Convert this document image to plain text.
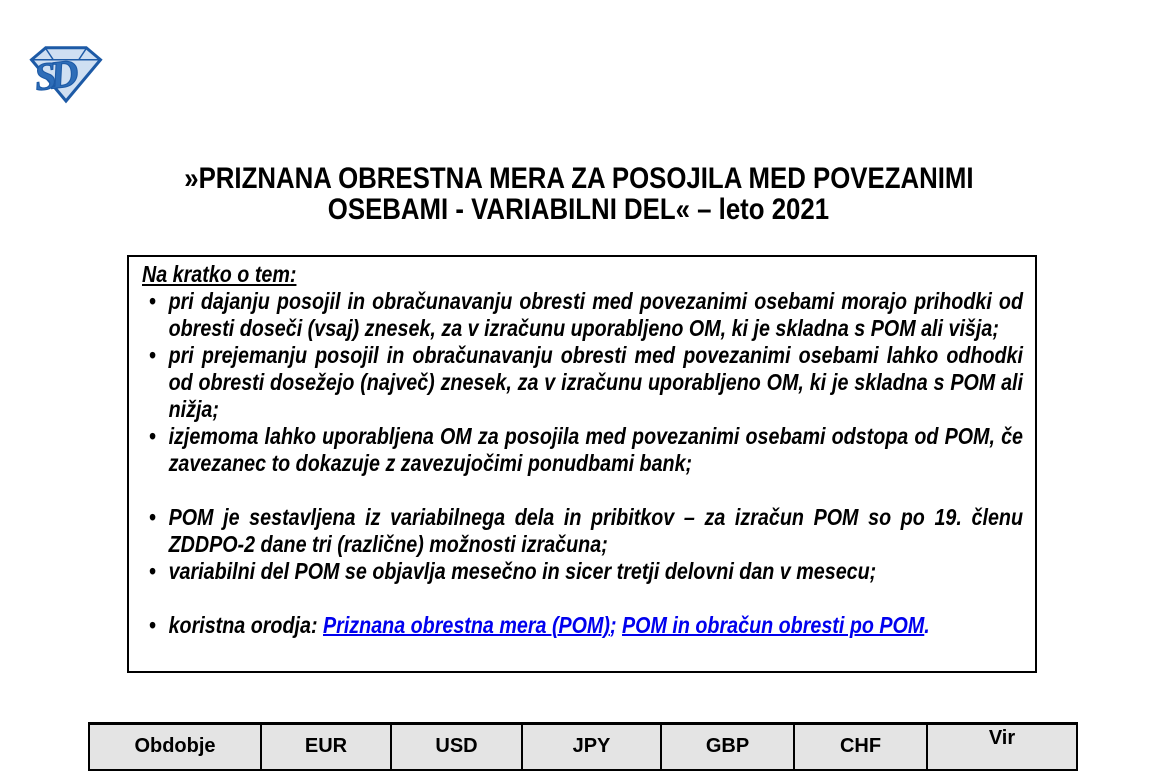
SD
»PRIZNANA OBRESTNA MERA ZA POSOJILA MED POVEZANIMI
OSEBAMI - VARIABILNI DEL« – leto 2021
Na kratko o tem:
• pri dajanju posojil in obračunavanju obresti med povezanimi osebami morajo prihodki od obresti doseči (vsaj) znesek, za v izračunu uporabljeno OM, ki je skladna s POM ali višja;
• pri prejemanju posojil in obračunavanju obresti med povezanimi osebami lahko odhodki od obresti dosežejo (največ) znesek, za v izračunu uporabljeno OM, ki je skladna s POM ali nižja;
• izjemoma lahko uporabljena OM za posojila med povezanimi osebami odstopa od POM, če zavezanec to dokazuje z zavezujočimi ponudbami bank;
• POM je sestavljena iz variabilnega dela in pribitkov – za izračun POM so po 19. členu ZDDPO-2 dane tri (različne) možnosti izračuna;
• variabilni del POM se objavlja mesečno in sicer tretji delovni dan v mesecu;
• koristna orodja: Priznana obrestna mera (POM); POM in obračun obresti po POM.
Obdobje	EUR	USD	JPY	GBP	CHF	Vir
